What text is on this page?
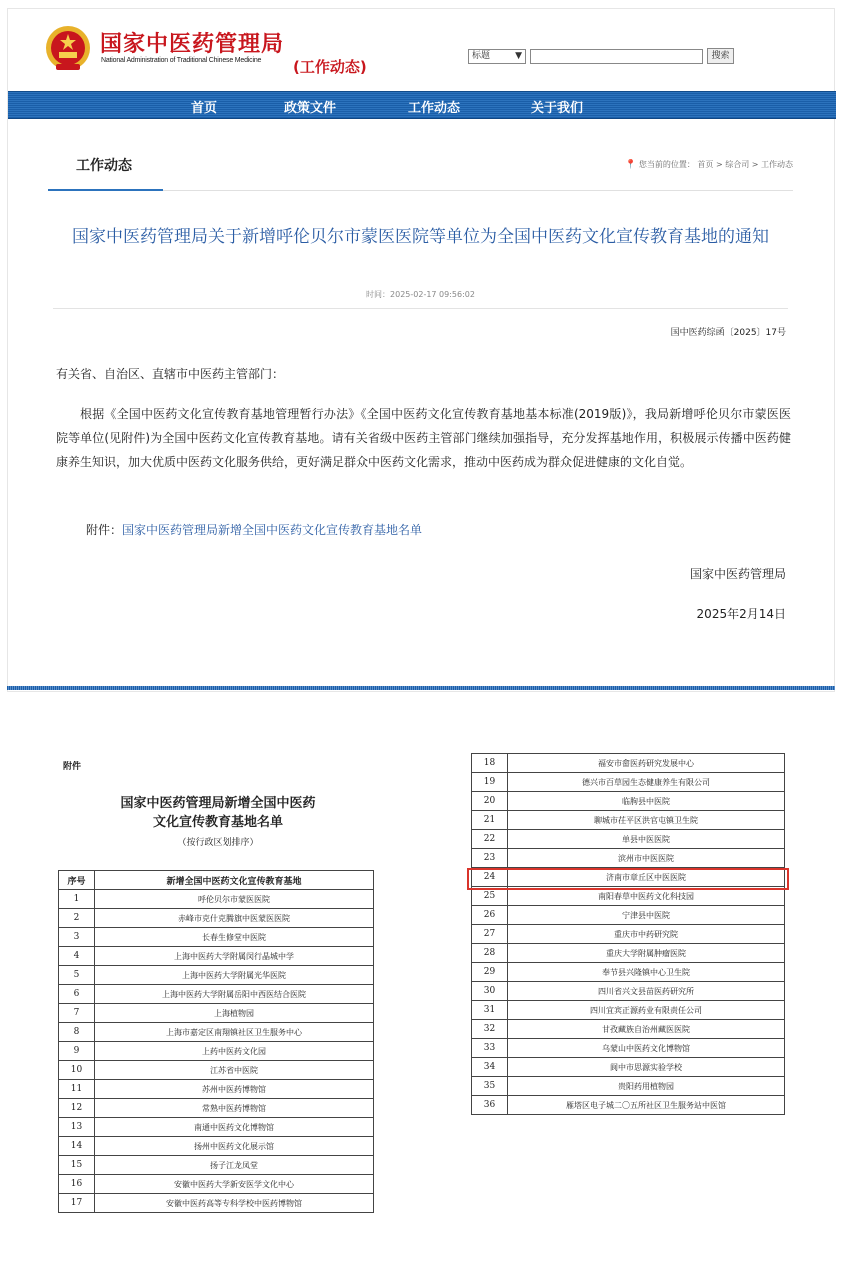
国家中医药管理局
National Administration of Traditional Chinese Medicine (工作动态)
标题	▼	搜索
首页	政策文件	工作动态	关于我们
工作动态	📍 您当前的位置： 首页 > 综合司 > 工作动态
国家中医药管理局关于新增呼伦贝尔市蒙医医院等单位为全国中医药文化宣传教育基地的通知
时间：2025-02-17 09:56:02
国中医药综函〔2025〕17号
有关省、自治区、直辖市中医药主管部门：
根据《全国中医药文化宣传教育基地管理暂行办法》《全国中医药文化宣传教育基地基本标准(2019版)》，我局新增呼伦贝尔市蒙医医院等单位(见附件)为全国中医药文化宣传教育基地。请有关省级中医药主管部门继续加强指导，充分发挥基地作用，积极展示传播中医药健康养生知识，加大优质中医药文化服务供给，更好满足群众中医药文化需求，推动中医药成为群众促进健康的文化自觉。
附件：国家中医药管理局新增全国中医药文化宣传教育基地名单
国家中医药管理局
2025年2月14日
附件
国家中医药管理局新增全国中医药
文化宣传教育基地名单
（按行政区划排序）
序号	新增全国中医药文化宣传教育基地
1	呼伦贝尔市蒙医医院
2	赤峰市克什克腾旗中医蒙医医院
3	长春生修堂中医院
4	上海中医药大学附属闵行晶城中学
5	上海中医药大学附属光华医院
6	上海中医药大学附属岳阳中西医结合医院
7	上海植物园
8	上海市嘉定区南翔镇社区卫生服务中心
9	上药中医药文化园
10	江苏省中医院
11	苏州中医药博物馆
12	常熟中医药博物馆
13	南通中医药文化博物馆
14	扬州中医药文化展示馆
15	扬子江龙凤堂
16	安徽中医药大学新安医学文化中心
17	安徽中医药高等专科学校中医药博物馆
18	福安市畲医药研究发展中心
19	德兴市百草园生态健康养生有限公司
20	临朐县中医院
21	聊城市茌平区洪官屯镇卫生院
22	单县中医医院
23	滨州市中医医院
24	济南市章丘区中医医院
25	南阳春草中医药文化科技园
26	宁津县中医院
27	重庆市中药研究院
28	重庆大学附属肿瘤医院
29	奉节县兴隆镇中心卫生院
30	四川省兴文县苗医药研究所
31	四川宜宾正源药业有限责任公司
32	甘孜藏族自治州藏医医院
33	乌蒙山中医药文化博物馆
34	阆中市思源实验学校
35	贵阳药用植物园
36	雁塔区电子城二〇五所社区卫生服务站中医馆
